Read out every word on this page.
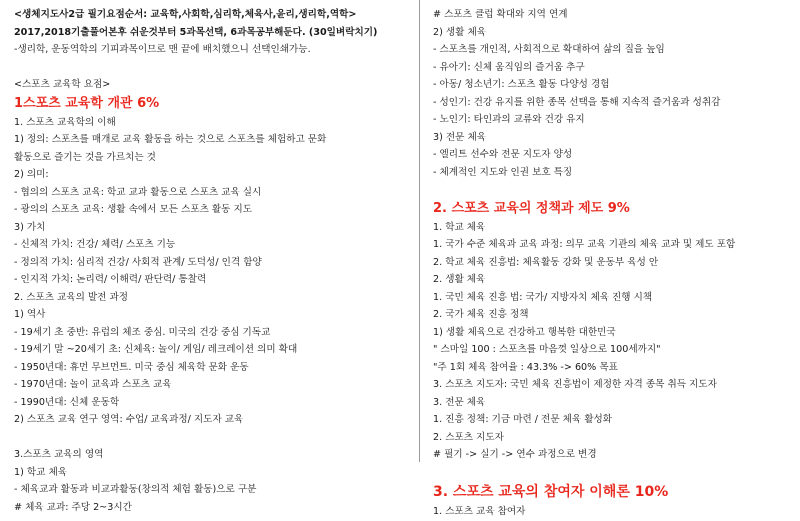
<생체지도사2급 필기요점순서: 교육학,사회학,심리학,체육사,윤리,생리학,역학>
2017,2018기출풀어본후 쉬운것부터 5과목선택, 6과목공부해둔다. (30일벼락치기)
-생리학, 운동역학의 기피과목이므로 맨 끝에 배치했으니 선택인쇄가능.
<스포츠 교육학 요점>
1스포츠 교육학 개관 6%
1. 스포츠 교육학의 이해
1) 정의: 스포츠를 매개로 교육 활동을 하는 것으로 스포츠를 체험하고 문화
활동으로 즐기는 것을 가르치는 것
2) 의미:
- 협의의 스포츠 교육: 학교 교과 활동으로 스포츠 교육 실시
- 광의의 스포츠 교육: 생활 속에서 모든 스포츠 활동 지도
3) 가치
- 신체적 가치: 건강/ 체력/ 스포츠 기능
- 정의적 가치: 심리적 건강/ 사회적 관계/ 도덕성/ 인격 함양
- 인지적 가치: 논리력/ 이해력/ 판단력/ 통찰력
2. 스포츠 교육의 발전 과정
1) 역사
- 19세기 초 중반: 유럽의 체조 중심. 미국의 건강 중심 기독교
- 19세기 말 ~20세기 초: 신체육: 놀이/ 게임/ 레크레이션 의미 확대
- 1950년대: 휴먼 무브먼트. 미국 중심 체육학 문화 운동
- 1970년대: 놀이 교육과 스포츠 교육
- 1990년대: 신체 운동학
2) 스포츠 교육 연구 영역: 수업/ 교육과정/ 지도자 교육
3.스포츠 교육의 영역
1) 학교 체육
- 체육교과 활동과 비교과활동(창의적 체험 활동)으로 구분
# 체육 교과: 주당 2~3시간
# 스포츠 클럽 확대와 지역 연계
2) 생활 체육
- 스포츠를 개인적, 사회적으로 확대하여 삶의 질을 높임
- 유아기: 신체 움직임의 즐거움 추구
- 아동/ 청소년기: 스포츠 활동 다양성 경험
- 성인기: 건강 유지를 위한 종목 선택을 통해 지속적 즐거움과 성취감
- 노인기: 타인과의 교류와 건강 유지
3) 전문 체육
- 엘리트 선수와 전문 지도자 양성
- 체계적인 지도와 인권 보호 특징
2. 스포츠 교육의 정책과 제도 9%
1. 학교 체육
1. 국가 수준 체육과 교육 과정: 의무 교육 기관의 체육 교과 및 제도 포함
2. 학교 체육 진흥법: 체육활동 강화 및 운동부 육성 안
2. 생활 체육
1. 국민 체육 진흥 법: 국가/ 지방자치 체육 진행 시책
2. 국가 체육 진흥 정책
1) 생활 체육으로 건강하고 행복한 대한민국
" 스마일 100 : 스포츠를 마음껏 일상으로 100세까지"
"주 1회 체육 참여율 : 43.3% -> 60% 목표
3. 스포츠 지도자: 국민 체육 진흥법이 제정한 자격 종목 취득 지도자
3. 전문 체육
1. 진흥 정책: 기금 마련 / 전문 체육 활성화
2. 스포츠 지도자
# 필기 -> 실기 -> 연수 과정으로 변경
3. 스포츠 교육의 참여자 이해론 10%
1. 스포츠 교육 참여자
